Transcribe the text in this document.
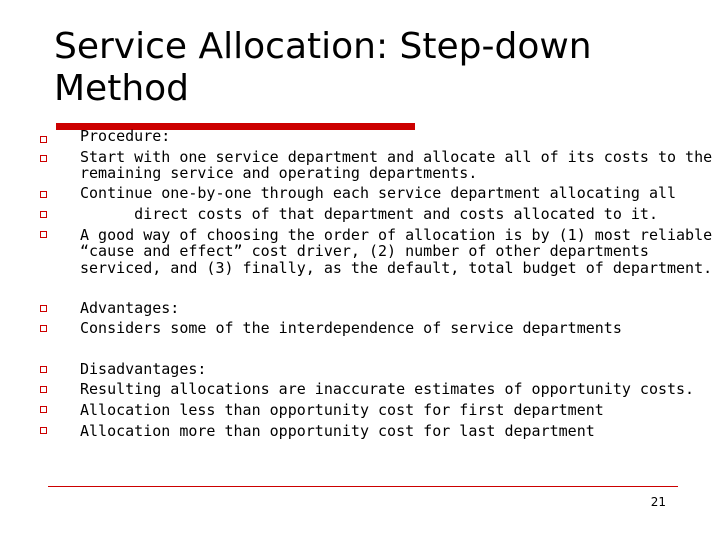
Service Allocation: Step-down
Method
Procedure:
Start with one service department and allocate all of its costs to the
remaining service and operating departments.
Continue one-by-one through each service department allocating all
direct costs of that department and costs allocated to it.
A good way of choosing the order of allocation is by (1) most reliable
“cause and effect” cost driver, (2) number of other departments
serviced, and (3) finally, as the default, total budget of department.
Advantages:
Considers some of the interdependence of service departments
Disadvantages:
Resulting allocations are inaccurate estimates of opportunity costs.
Allocation less than opportunity cost for first department
Allocation more than opportunity cost for last department
21
